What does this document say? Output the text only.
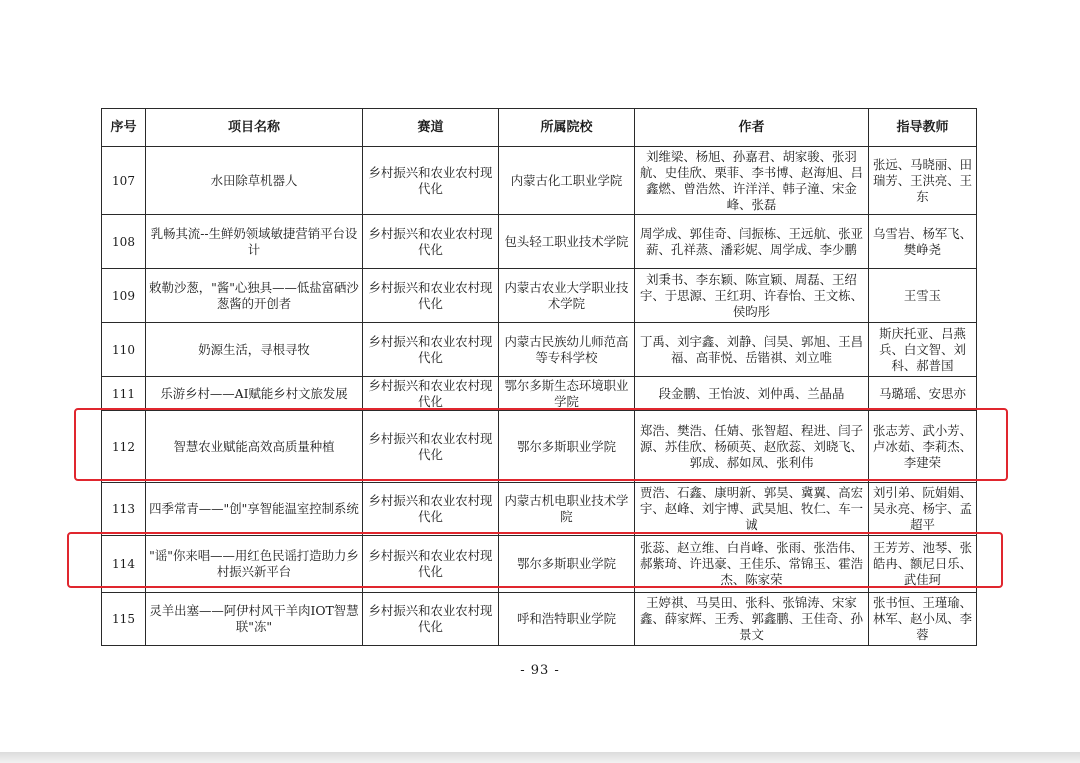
序号	项目名称	赛道	所属院校	作者	指导教师
107	水田除草机器人	乡村振兴和农业农村现代化	内蒙古化工职业学院	刘维梁、杨旭、孙嘉君、胡家骏、张羽航、史佳欣、栗菲、李书博、赵海旭、吕鑫燃、曾浩然、许洋洋、韩子潼、宋金峰、张磊	张远、马晓丽、田瑞芳、王洪亮、王东
108	乳畅其流--生鲜奶领域敏捷营销平台设计	乡村振兴和农业农村现代化	包头轻工职业技术学院	周学成、郭佳奇、闫振栋、王远航、张亚薪、孔祥蒸、潘彩妮、周学成、李少鹏	乌雪岩、杨军飞、樊峥尧
109	敕勒沙葱，"酱"心独具——低盐富硒沙葱酱的开创者	乡村振兴和农业农村现代化	内蒙古农业大学职业技术学院	刘秉书、李东颖、陈宣颖、周磊、王绍宇、于思源、王红玥、许春怡、王文栋、侯昀彤	王雪玉
110	奶源生活，寻根寻牧	乡村振兴和农业农村现代化	内蒙古民族幼儿师范高等专科学校	丁禹、刘宇鑫、刘静、闫昊、郭旭、王昌福、高菲悦、岳锴祺、刘立唯	斯庆托亚、吕燕兵、白文智、刘科、郝普国
111	乐游乡村——AI赋能乡村文旅发展	乡村振兴和农业农村现代化	鄂尔多斯生态环境职业学院	段金鹏、王怡波、刘仲禹、兰晶晶	马璐瑶、安思亦
112	智慧农业赋能高效高质量种植	乡村振兴和农业农村现代化	鄂尔多斯职业学院	郑浩、樊浩、任婧、张智超、程进、闫子源、苏佳欣、杨硕英、赵欣蕊、刘晓飞、郭成、郝如凤、张利伟	张志芳、武小芳、卢冰茹、李莉杰、李建荣
113	四季常青——"创"享智能温室控制系统	乡村振兴和农业农村现代化	内蒙古机电职业技术学院	贾浩、石鑫、康明新、郭昊、冀翼、高宏宇、赵峰、刘宇博、武昊旭、牧仁、车一诚	刘引弟、阮娟娟、吴永亮、杨宇、孟超平
114	"谣"你来唱——用红色民谣打造助力乡村振兴新平台	乡村振兴和农业农村现代化	鄂尔多斯职业学院	张蕊、赵立维、白肖峰、张雨、张浩伟、郝紫琦、许迅豪、王佳乐、常锦玉、霍浩杰、陈家荣	王芳芳、池琴、张皓冉、额尼日乐、武佳珂
115	灵羊出塞——阿伊村风干羊肉IOT智慧联"冻"	乡村振兴和农业农村现代化	呼和浩特职业学院	王婷祺、马昊田、张科、张锦涛、宋家鑫、薛家辉、王秀、郭鑫鹏、王佳奇、孙景文	张书恒、王瑾瑜、林军、赵小凤、李蓉
- 93 -
